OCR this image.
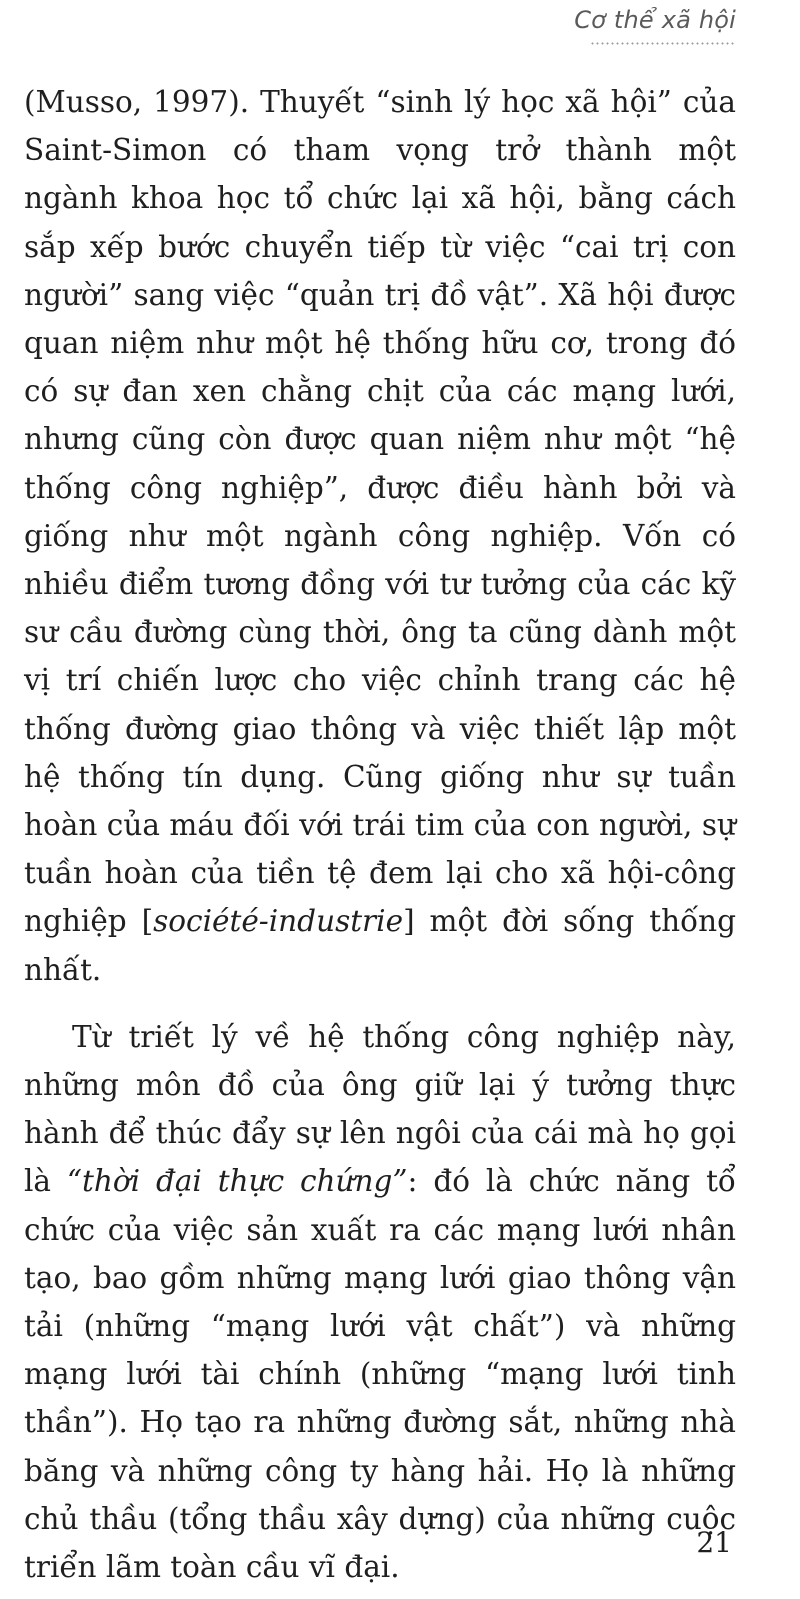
Cơ thể xã hội

(Musso, 1997). Thuyết “sinh lý học xã hội” của Saint-Simon có tham vọng trở thành một ngành khoa học tổ chức lại xã hội, bằng cách sắp xếp bước chuyển tiếp từ việc “cai trị con người” sang việc “quản trị đồ vật”. Xã hội được quan niệm như một hệ thống hữu cơ, trong đó có sự đan xen chằng chịt của các mạng lưới, nhưng cũng còn được quan niệm như một “hệ thống công nghiệp”, được điều hành bởi và giống như một ngành công nghiệp. Vốn có nhiều điểm tương đồng với tư tưởng của các kỹ sư cầu đường cùng thời, ông ta cũng dành một vị trí chiến lược cho việc chỉnh trang các hệ thống đường giao thông và việc thiết lập một hệ thống tín dụng. Cũng giống như sự tuần hoàn của máu đối với trái tim của con người, sự tuần hoàn của tiền tệ đem lại cho xã hội-công nghiệp [société-industrie] một đời sống thống nhất.

Từ triết lý về hệ thống công nghiệp này, những môn đồ của ông giữ lại ý tưởng thực hành để thúc đẩy sự lên ngôi của cái mà họ gọi là “thời đại thực chứng”: đó là chức năng tổ chức của việc sản xuất ra các mạng lưới nhân tạo, bao gồm những mạng lưới giao thông vận tải (những “mạng lưới vật chất”) và những mạng lưới tài chính (những “mạng lưới tinh thần”). Họ tạo ra những đường sắt, những nhà băng và những công ty hàng hải. Họ là những chủ thầu (tổng thầu xây dựng) của những cuộc triển lãm toàn cầu vĩ đại.

21
